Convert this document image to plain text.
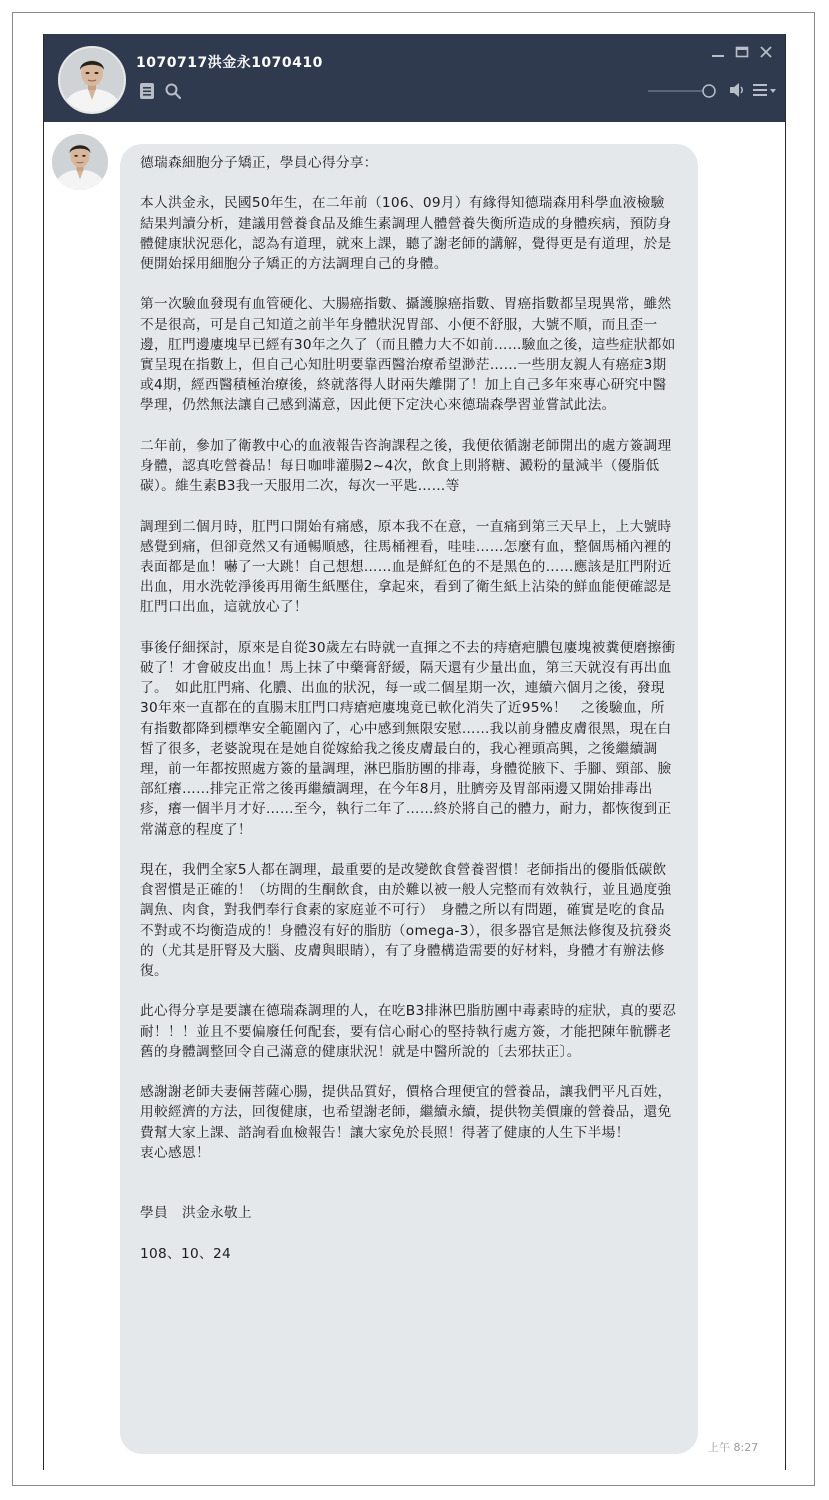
1070717洪金永1070410

德瑞森細胞分子矯正，學員心得分享：

本人洪金永，民國50年生，在二年前（106、09月）有緣得知德瑞森用科學血液檢驗結果判讀分析，建議用營養食品及維生素調理人體營養失衡所造成的身體疾病，預防身體健康狀況惡化，認為有道理，就來上課，聽了謝老師的講解，覺得更是有道理，於是便開始採用細胞分子矯正的方法調理自己的身體。

第一次驗血發現有血管硬化、大腸癌指數、攝護腺癌指數、胃癌指數都呈現異常，雖然不是很高，可是自己知道之前半年身體狀況胃部、小便不舒服，大號不順，而且歪一邊，肛門邊廔塊早已經有30年之久了（而且體力大不如前……驗血之後，這些症狀都如實呈現在指數上，但自己心知肚明要靠西醫治療希望渺茫……一些朋友親人有癌症3期或4期，經西醫積極治療後，終就落得人財兩失離開了！加上自己多年來專心研究中醫學理，仍然無法讓自己感到滿意，因此便下定決心來德瑞森學習並嘗試此法。

二年前，參加了衛教中心的血液報告咨詢課程之後，我便依循謝老師開出的處方簽調理身體，認真吃營養品！每日咖啡灌腸2~4次，飲食上則將糖、澱粉的量減半（優脂低碳）。維生素B3我一天服用二次，每次一平匙……等

調理到二個月時，肛門口開始有痛感，原本我不在意，一直痛到第三天早上，上大號時感覺到痛，但卻竟然又有通暢順感，往馬桶裡看，哇哇……怎麼有血，整個馬桶內裡的表面都是血！嚇了一大跳！自己想想……血是鮮紅色的不是黑色的……應該是肛門附近出血，用水洗乾淨後再用衛生紙壓住，拿起來，看到了衛生紙上沾染的鮮血能便確認是肛門口出血，這就放心了！

事後仔細探討，原來是自從30歲左右時就一直揮之不去的痔瘡疤膿包廔塊被糞便磨擦衝破了！才會破皮出血！馬上抹了中藥膏舒緩，隔天還有少量出血，第三天就沒有再出血了。　如此肛門痛、化膿、出血的狀況，每一或二個星期一次，連續六個月之後，發現30年來一直都在的直腸末肛門口痔瘡疤廔塊竟已軟化消失了近95%！　之後驗血，所有指數都降到標準安全範圍內了，心中感到無限安慰……我以前身體皮膚很黑，現在白皙了很多，老婆說現在是她自從嫁給我之後皮膚最白的，我心裡頭高興，之後繼續調理，前一年都按照處方簽的量調理，淋巴脂肪團的排毒，身體從腋下、手腳、頸部、臉部紅癢……排完正常之後再繼續調理，在今年8月，肚臍旁及胃部兩邊又開始排毒出疹，癢一個半月才好……至今，執行二年了……終於將自己的體力，耐力，都恢復到正常滿意的程度了！

現在，我們全家5人都在調理，最重要的是改變飲食營養習慣！老師指出的優脂低碳飲食習慣是正確的！（坊間的生酮飲食，由於難以被一般人完整而有效執行，並且過度強調魚、肉食，對我們奉行食素的家庭並不可行）　身體之所以有問題，確實是吃的食品不對或不均衡造成的！身體沒有好的脂肪（omega-3），很多器官是無法修復及抗發炎的（尤其是肝腎及大腦、皮膚與眼睛），有了身體構造需要的好材料，身體才有辦法修復。

此心得分享是要讓在德瑞森調理的人，在吃B3排淋巴脂肪團中毒素時的症狀，真的要忍耐！！！並且不要偏廢任何配套，要有信心耐心的堅持執行處方簽，才能把陳年骯髒老舊的身體調整回令自己滿意的健康狀況！就是中醫所說的〔去邪扶正〕。

感謝謝老師夫妻倆菩薩心腸，提供品質好，價格合理便宜的營養品，讓我們平凡百姓，用較經濟的方法，回復健康，也希望謝老師，繼續永續，提供物美價廉的營養品，還免費幫大家上課、諮詢看血檢報告！讓大家免於長照！得著了健康的人生下半場！
衷心感恩！

學員　洪金永敬上

108、10、24

上午 8:27
